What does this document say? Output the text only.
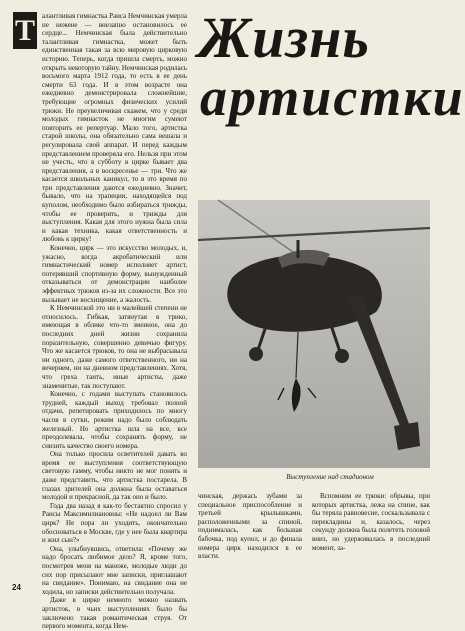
Т алантливая гимнастка Раиса Немчинская умерла не нежене — внезапно остановилось ее сердце... Немчинская была действительно талантливая гимнастка, может быть единственная такая за всю мировую цирковую историю. Теперь, когда пришла смерть, можно открыть некоторую тайну. Немчинская родилась восьмого марта 1912 года, то есть в ее день смерти 63 года. И в этом возрасте она ежедневно демонстрировала сложнейшие, требующие огромных физических усилий трюки. Не преувеличивая скажем, что у среди молодых гимнасток не многим сумеют повторить ее репертуар. Мало того, артистка старой школы, она обязательно сама вешала и регулировала свой аппарат. И перед каждым представлением проверяла его. Нельзя при этом не учесть, что в субботу в цирке бывает два представления, а в воскресенье — три. Что же касается школьных каникул, то в это время по три представления даются ежедневно. Значит, бывало, что на трапеции, находящейся под куполом, необходимо было взбираться трижды, чтобы ее проверить, и трижды для выступления. Какая для этого нужна была сила и какая техника, какая ответственность и любовь к цирку!

Конечно, цирк — это искусство молодых, и, ужасно, когда акробатический или гимнастический номер исполняет артист, потерявший спортивную форму, вынужденный отказываться от демонстрации наиболее эффектных трюков из-за их сложности. Все это вызывает не восхищение, а жалость.

К Немчинской это ни в малейшей степени не относилось. Гибкая, затянутая в трико, имеющая в облике что-то змеиное, она до последних дней жизни сохранила поразительную, совершенно девичью фигуру. Что же касается трюков, то она не выбрасывала ни одного, даже самого ответственного, ни на вечернем, ни на дневном представлениях. Хотя, что греха таить, иные артисты, даже знаменитые, так поступают.

Конечно, с годами выступать становилось трудней, каждый выход требовал полной отдачи, репетировать приходилось по многу часов в сутки, режим надо было соблюдать железный. Но артистка шла на все, все преодолевала, чтобы сохранять форму, не снизить качество своего номера.

Она только просила осветителей давать во время ее выступления соответствующую световую гамму, чтобы никто не мог понять и даже представить, что артистка постарела. В глазах зрителей она должна была оставаться молодой и прекрасной, да так оно и было.

Года два назад я как-то бестактно спросил у Раисы Максимилиановны: «Не надоел ли Вам цирк? Не пора ли уходить, окончательно обосноваться в Москве, где у нее была квартира и жил сын?»

Она, улыбнувшись, ответила: «Почему же надо бросать любимое дело? Я, кроме того, посмотрев меня на манеже, молодые люди до сих пор присылают мне записки, приглашают на свидание». Понимаю, на свидание она не ходила, но записки действительно получала.

Даже в цирке немного можно назвать артисток, в чьих выступлениях было бы заключено такая романтическая струя. От первого момента, когда Нем-

Жизнь
артистки
Выступление над стадионом
чинская, держась зубами за специальное приспособление и третьей крылышками, расположенными за спиной, поднималась, как большая бабочка, под купол, и до финала номера цирк находился в ее власти.

Вспомним ее трюки: обрывы, при которых артистка, лежа на спине, как бы теряла равновесие, соскальзывала с перекладины и, казалось, через секунду должна была полететь головой вниз, но удерживалась в последний момент, за-

24
